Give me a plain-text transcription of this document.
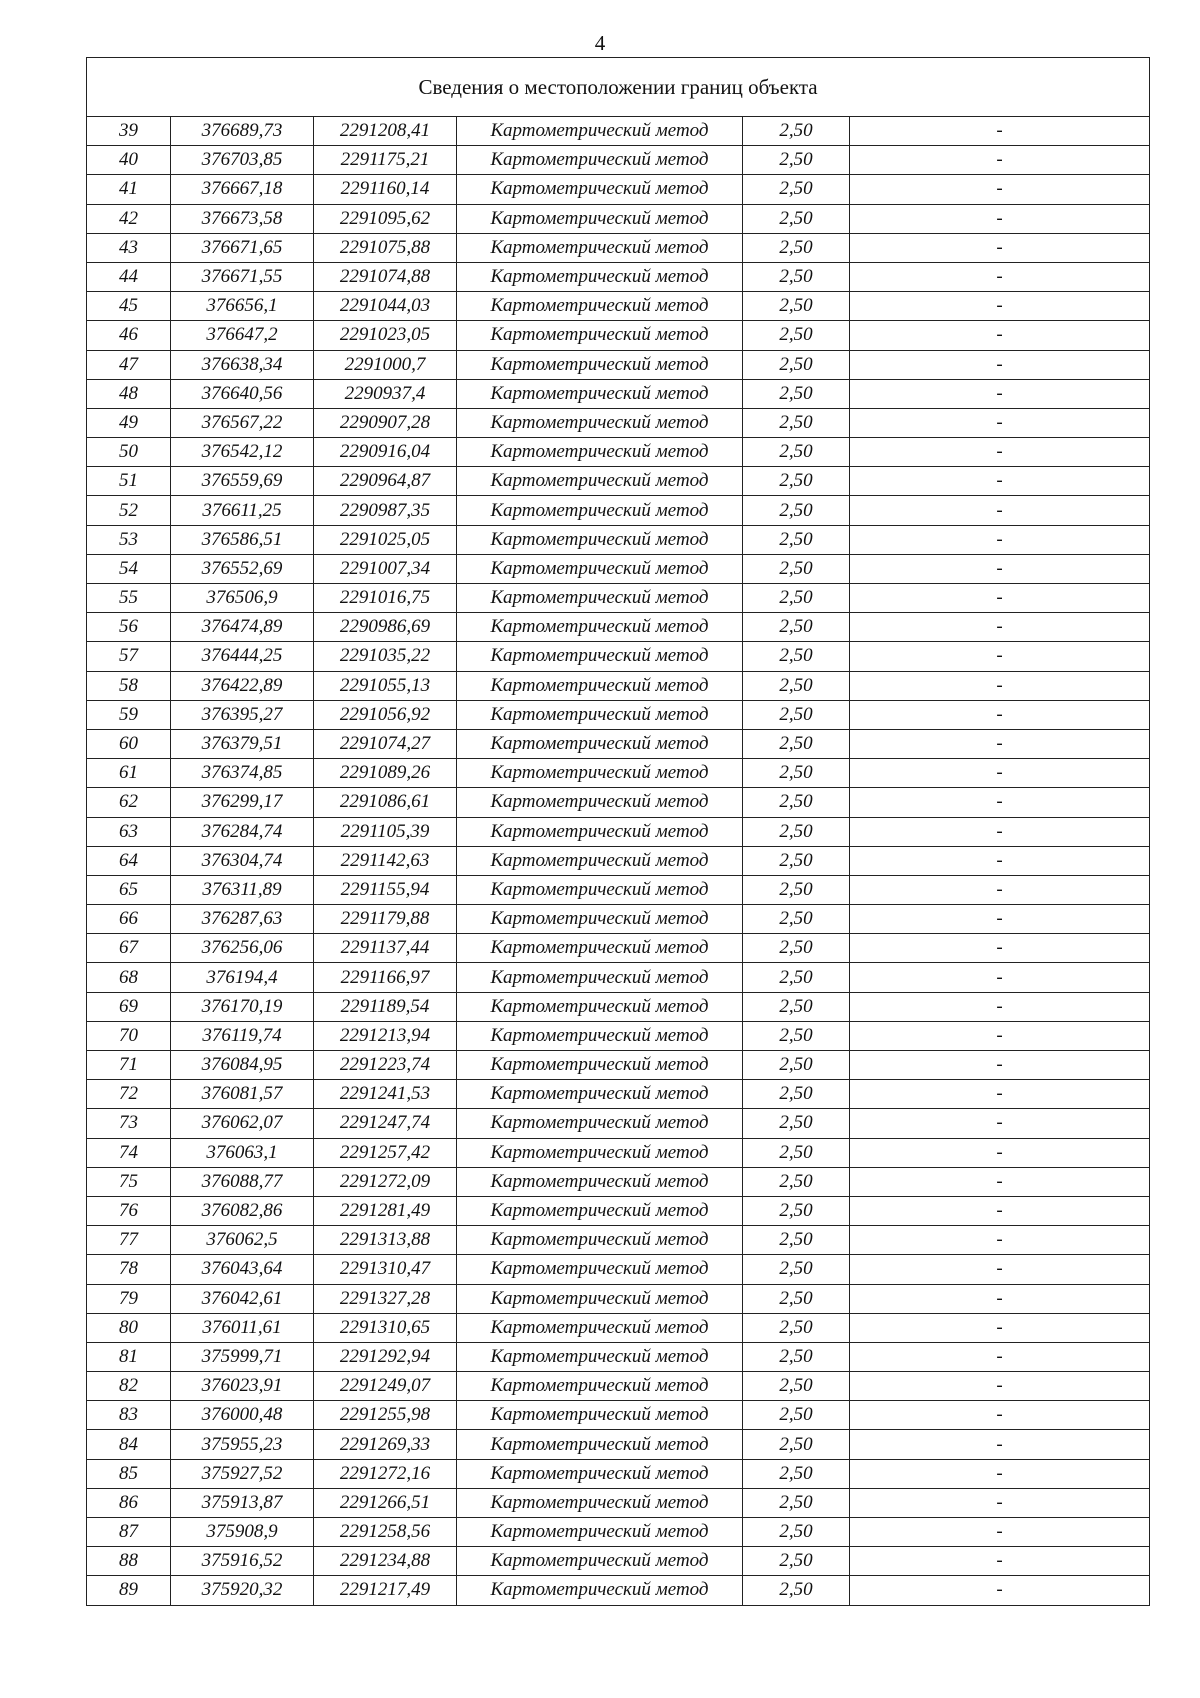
4
Сведения о местоположении границ объекта					
39	376689,73	2291208,41	Картометрический метод	2,50	-
40	376703,85	2291175,21	Картометрический метод	2,50	-
41	376667,18	2291160,14	Картометрический метод	2,50	-
42	376673,58	2291095,62	Картометрический метод	2,50	-
43	376671,65	2291075,88	Картометрический метод	2,50	-
44	376671,55	2291074,88	Картометрический метод	2,50	-
45	376656,1	2291044,03	Картометрический метод	2,50	-
46	376647,2	2291023,05	Картометрический метод	2,50	-
47	376638,34	2291000,7	Картометрический метод	2,50	-
48	376640,56	2290937,4	Картометрический метод	2,50	-
49	376567,22	2290907,28	Картометрический метод	2,50	-
50	376542,12	2290916,04	Картометрический метод	2,50	-
51	376559,69	2290964,87	Картометрический метод	2,50	-
52	376611,25	2290987,35	Картометрический метод	2,50	-
53	376586,51	2291025,05	Картометрический метод	2,50	-
54	376552,69	2291007,34	Картометрический метод	2,50	-
55	376506,9	2291016,75	Картометрический метод	2,50	-
56	376474,89	2290986,69	Картометрический метод	2,50	-
57	376444,25	2291035,22	Картометрический метод	2,50	-
58	376422,89	2291055,13	Картометрический метод	2,50	-
59	376395,27	2291056,92	Картометрический метод	2,50	-
60	376379,51	2291074,27	Картометрический метод	2,50	-
61	376374,85	2291089,26	Картометрический метод	2,50	-
62	376299,17	2291086,61	Картометрический метод	2,50	-
63	376284,74	2291105,39	Картометрический метод	2,50	-
64	376304,74	2291142,63	Картометрический метод	2,50	-
65	376311,89	2291155,94	Картометрический метод	2,50	-
66	376287,63	2291179,88	Картометрический метод	2,50	-
67	376256,06	2291137,44	Картометрический метод	2,50	-
68	376194,4	2291166,97	Картометрический метод	2,50	-
69	376170,19	2291189,54	Картометрический метод	2,50	-
70	376119,74	2291213,94	Картометрический метод	2,50	-
71	376084,95	2291223,74	Картометрический метод	2,50	-
72	376081,57	2291241,53	Картометрический метод	2,50	-
73	376062,07	2291247,74	Картометрический метод	2,50	-
74	376063,1	2291257,42	Картометрический метод	2,50	-
75	376088,77	2291272,09	Картометрический метод	2,50	-
76	376082,86	2291281,49	Картометрический метод	2,50	-
77	376062,5	2291313,88	Картометрический метод	2,50	-
78	376043,64	2291310,47	Картометрический метод	2,50	-
79	376042,61	2291327,28	Картометрический метод	2,50	-
80	376011,61	2291310,65	Картометрический метод	2,50	-
81	375999,71	2291292,94	Картометрический метод	2,50	-
82	376023,91	2291249,07	Картометрический метод	2,50	-
83	376000,48	2291255,98	Картометрический метод	2,50	-
84	375955,23	2291269,33	Картометрический метод	2,50	-
85	375927,52	2291272,16	Картометрический метод	2,50	-
86	375913,87	2291266,51	Картометрический метод	2,50	-
87	375908,9	2291258,56	Картометрический метод	2,50	-
88	375916,52	2291234,88	Картометрический метод	2,50	-
89	375920,32	2291217,49	Картометрический метод	2,50	-
